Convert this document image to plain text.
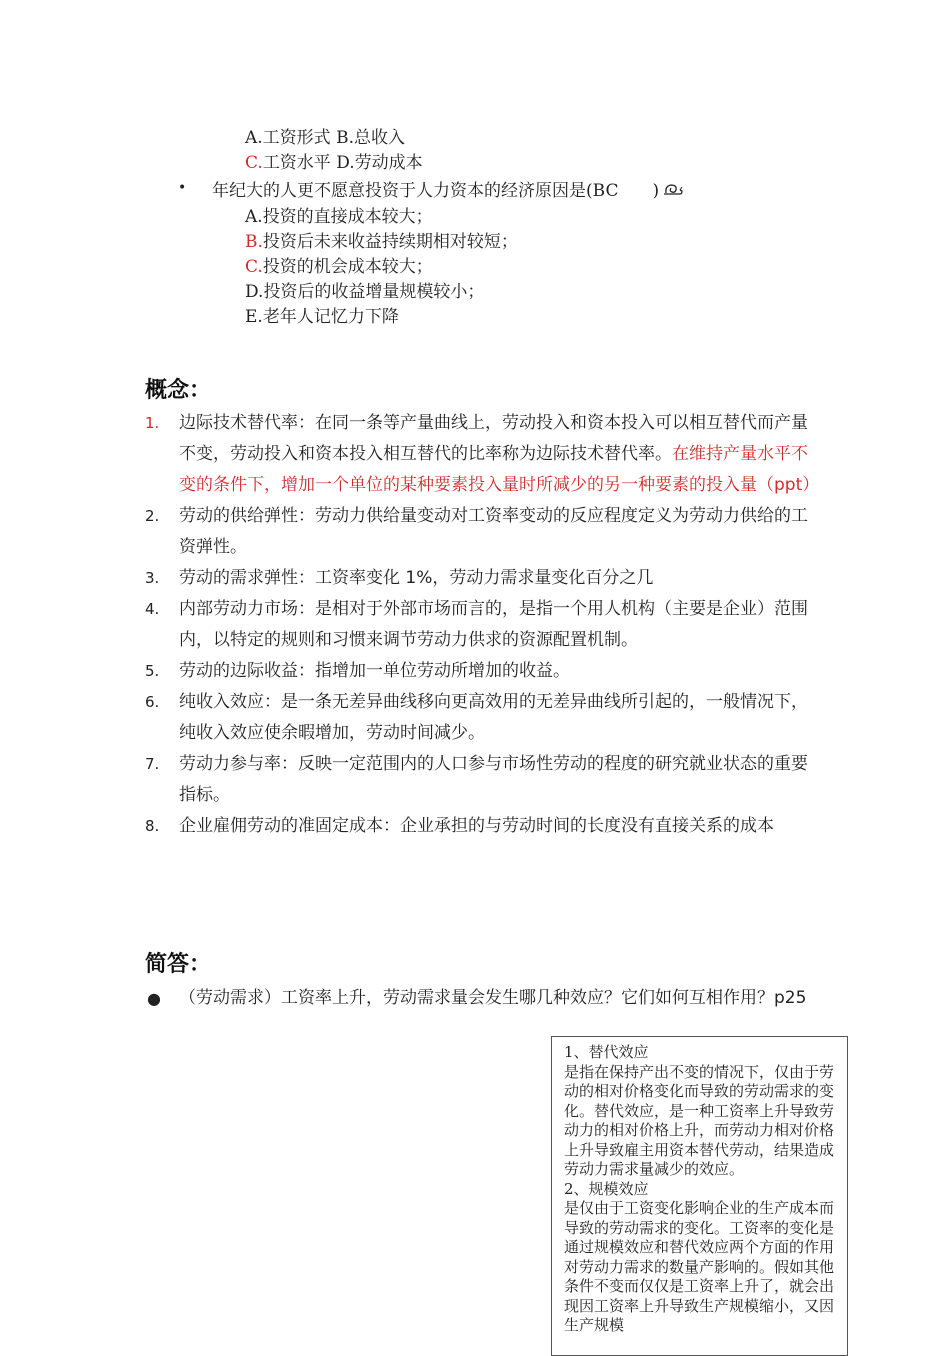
A.工资形式 B.总收入
C.工资水平 D.劳动成本
• 年纪大的人更不愿意投资于人力资本的经济原因是(BC　　)
A.投资的直接成本较大；
B.投资后未来收益持续期相对较短；
C.投资的机会成本较大；
D.投资后的收益增量规模较小；
E.老年人记忆力下降
概念：
1. 边际技术替代率：在同一条等产量曲线上，劳动投入和资本投入可以相互替代而产量不变，劳动投入和资本投入相互替代的比率称为边际技术替代率。在维持产量水平不变的条件下，增加一个单位的某种要素投入量时所减少的另一种要素的投入量（ppt）
2. 劳动的供给弹性：劳动力供给量变动对工资率变动的反应程度定义为劳动力供给的工资弹性。
3. 劳动的需求弹性：工资率变化 1%，劳动力需求量变化百分之几
4. 内部劳动力市场：是相对于外部市场而言的，是指一个用人机构（主要是企业）范围内，以特定的规则和习惯来调节劳动力供求的资源配置机制。
5. 劳动的边际收益：指增加一单位劳动所增加的收益。
6. 纯收入效应：是一条无差异曲线移向更高效用的无差异曲线所引起的，一般情况下，纯收入效应使余暇增加，劳动时间减少。
7. 劳动力参与率：反映一定范围内的人口参与市场性劳动的程度的研究就业状态的重要指标。
8. 企业雇佣劳动的准固定成本：企业承担的与劳动时间的长度没有直接关系的成本
简答：
● （劳动需求）工资率上升，劳动需求量会发生哪几种效应？它们如何互相作用？p25

1、替代效应

是指在保持产出不变的情况下，仅由于劳动的相对价格变化而导致的劳动需求的变化。替代效应，是一种工资率上升导致劳动力的相对价格上升，而劳动力相对价格上升导致雇主用资本替代劳动，结果造成劳动力需求量减少的效应。

2、规模效应

是仅由于工资变化影响企业的生产成本而导致的劳动需求的变化。工资率的变化是通过规模效应和替代效应两个方面的作用对劳动力需求的数量产影响的。假如其他条件不变而仅仅是工资率上升了，就会出现因工资率上升导致生产规模缩小，又因生产规模
